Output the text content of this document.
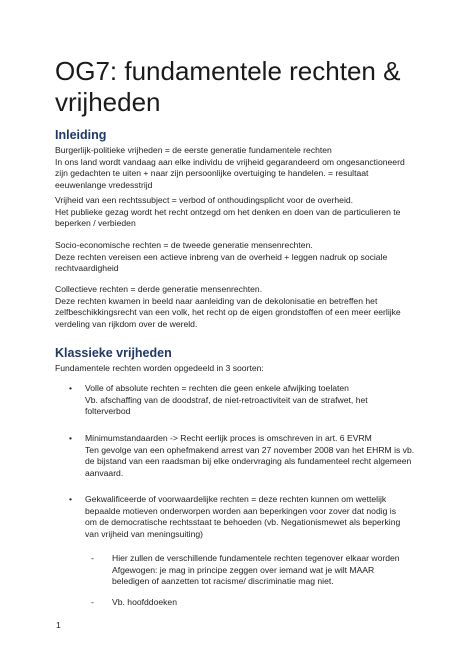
OG7: fundamentele rechten & vrijheden
Inleiding
Burgerlijk-politieke vrijheden = de eerste generatie fundamentele rechten
In ons land wordt vandaag aan elke individu de vrijheid gegarandeerd om ongesanctioneerd
zijn gedachten te uiten + naar zijn persoonlijke overtuiging te handelen. = resultaat
eeuwenlange vredesstrijd
Vrijheid van een rechtssubject = verbod of onthoudingsplicht voor de overheid.
Het publieke gezag wordt het recht ontzegd om het denken en doen van de particulieren te
beperken / verbieden
Socio-economische rechten = de tweede generatie mensenrechten.
Deze rechten vereisen een actieve inbreng van de overheid + leggen nadruk op sociale
rechtvaardigheid
Collectieve rechten = derde generatie mensenrechten.
Deze rechten kwamen in beeld naar aanleiding van de dekolonisatie en betreffen het
zelfbeschikkingsrecht van een volk, het recht op de eigen grondstoffen of een meer eerlijke
verdeling van rijkdom over de wereld.
Klassieke vrijheden
Fundamentele rechten worden opgedeeld in 3 soorten:
• Volle of absolute rechten = rechten die geen enkele afwijking toelaten
Vb. afschaffing van de doodstraf, de niet-retroactiviteit van de strafwet, het
folterverbod
• Minimumstandaarden -> Recht eerlijk proces is omschreven in art. 6 EVRM
Ten gevolge van een ophefmakend arrest van 27 november 2008 van het EHRM is vb.
de bijstand van een raadsman bij elke ondervraging als fundamenteel recht algemeen
aanvaard.
• Gekwalificeerde of voorwaardelijke rechten = deze rechten kunnen om wettelijk
bepaalde motieven onderworpen worden aan beperkingen voor zover dat nodig is
om de democratische rechtsstaat te behoeden (vb. Negationismewet als beperking
van vrijheid van meningsuiting)
- Hier zullen de verschillende fundamentele rechten tegenover elkaar worden
Afgewogen: je mag in principe zeggen over iemand wat je wilt MAAR
beledigen of aanzetten tot racisme/ discriminatie mag niet.
- Vb. hoofddoeken
1
